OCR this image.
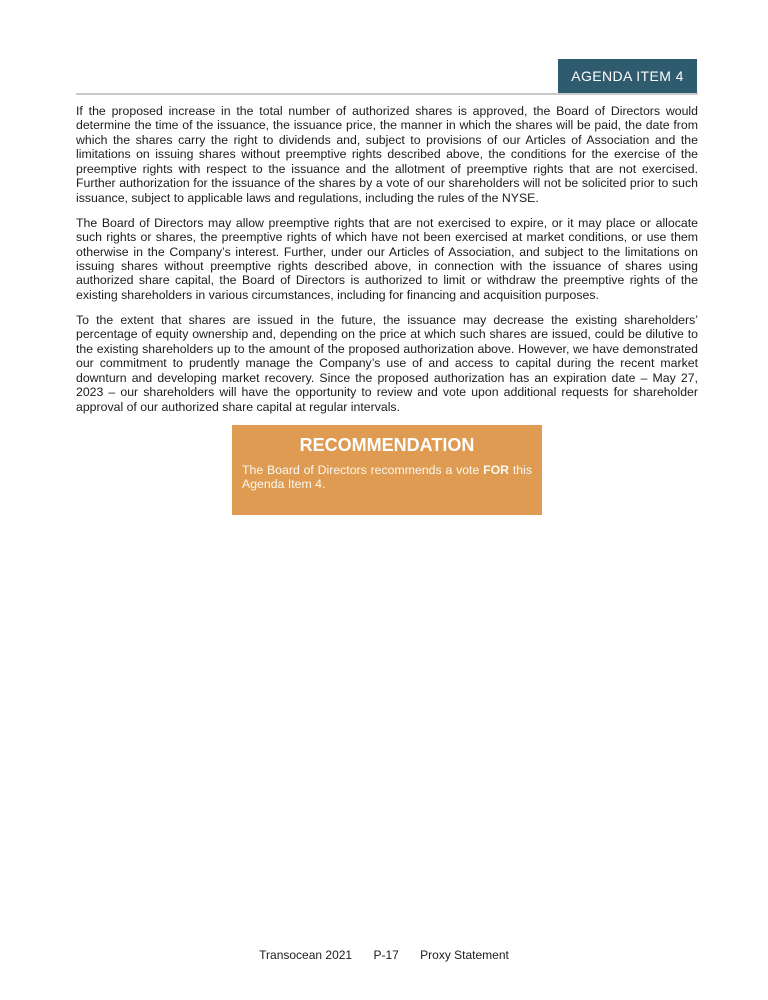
AGENDA ITEM 4

If the proposed increase in the total number of authorized shares is approved, the Board of Directors would determine the time of the issuance, the issuance price, the manner in which the shares will be paid, the date from which the shares carry the right to dividends and, subject to provisions of our Articles of Association and the limitations on issuing shares without preemptive rights described above, the conditions for the exercise of the preemptive rights with respect to the issuance and the allotment of preemptive rights that are not exercised. Further authorization for the issuance of the shares by a vote of our shareholders will not be solicited prior to such issuance, subject to applicable laws and regulations, including the rules of the NYSE.

The Board of Directors may allow preemptive rights that are not exercised to expire, or it may place or allocate such rights or shares, the preemptive rights of which have not been exercised at market conditions, or use them otherwise in the Company’s interest. Further, under our Articles of Association, and subject to the limitations on issuing shares without preemptive rights described above, in connection with the issuance of shares using authorized share capital, the Board of Directors is authorized to limit or withdraw the preemptive rights of the existing shareholders in various circumstances, including for financing and acquisition purposes.

To the extent that shares are issued in the future, the issuance may decrease the existing shareholders’ percentage of equity ownership and, depending on the price at which such shares are issued, could be dilutive to the existing shareholders up to the amount of the proposed authorization above. However, we have demonstrated our commitment to prudently manage the Company’s use of and access to capital during the recent market downturn and developing market recovery. Since the proposed authorization has an expiration date – May 27, 2023 – our shareholders will have the opportunity to review and vote upon additional requests for shareholder approval of our authorized share capital at regular intervals.

RECOMMENDATION

The Board of Directors recommends a vote FOR this Agenda Item 4.

Transocean 2021 P-17 Proxy Statement
